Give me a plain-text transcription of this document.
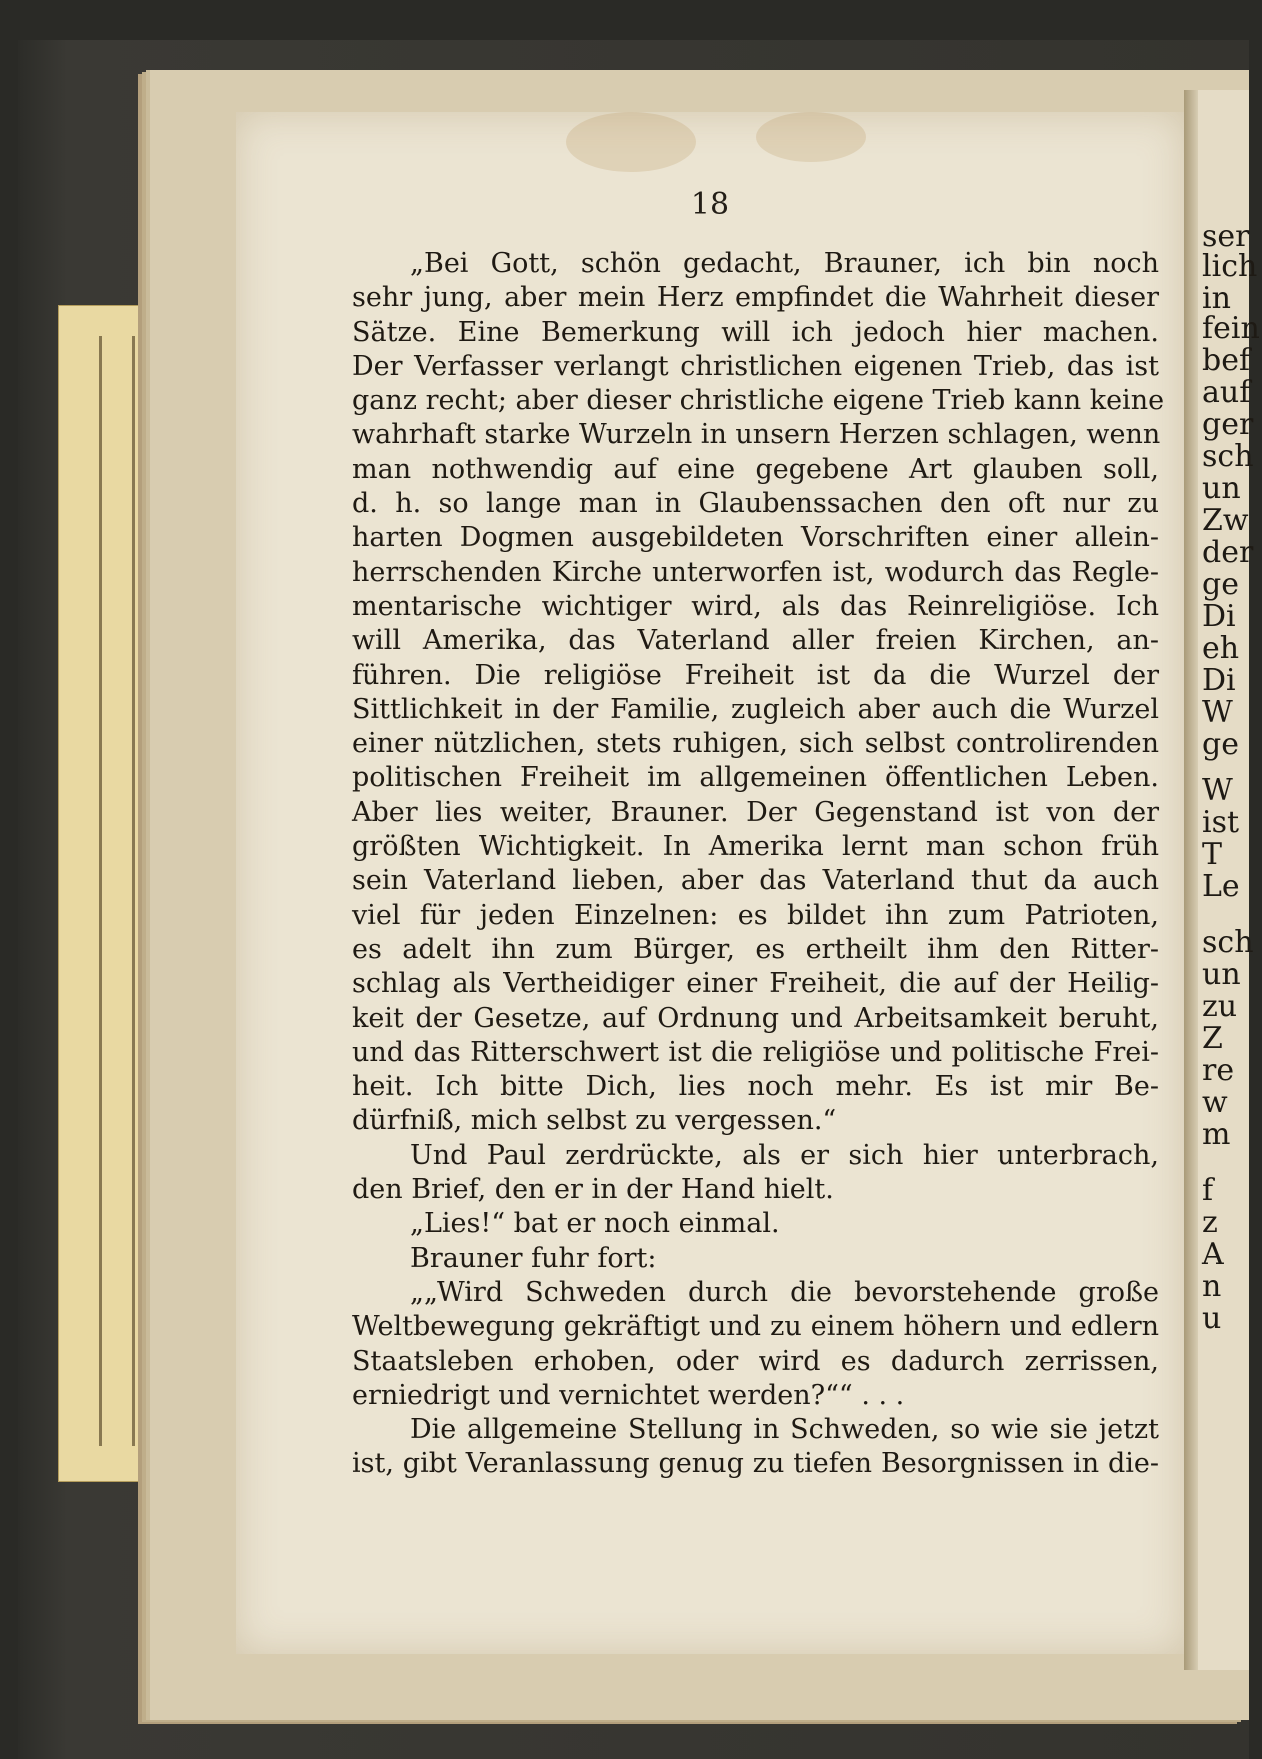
18
„Bei Gott, schön gedacht, Brauner, ich bin noch
sehr jung, aber mein Herz empfindet die Wahrheit dieser
Sätze. Eine Bemerkung will ich jedoch hier machen.
Der Verfasser verlangt christlichen eigenen Trieb, das ist
ganz recht; aber dieser christliche eigene Trieb kann keine
wahrhaft starke Wurzeln in unsern Herzen schlagen, wenn
man nothwendig auf eine gegebene Art glauben soll,
d. h. so lange man in Glaubenssachen den oft nur zu
harten Dogmen ausgebildeten Vorschriften einer allein-
herrschenden Kirche unterworfen ist, wodurch das Regle-
mentarische wichtiger wird, als das Reinreligiöse. Ich
will Amerika, das Vaterland aller freien Kirchen, an-
führen. Die religiöse Freiheit ist da die Wurzel der
Sittlichkeit in der Familie, zugleich aber auch die Wurzel
einer nützlichen, stets ruhigen, sich selbst controlirenden
politischen Freiheit im allgemeinen öffentlichen Leben.
Aber lies weiter, Brauner. Der Gegenstand ist von der
größten Wichtigkeit. In Amerika lernt man schon früh
sein Vaterland lieben, aber das Vaterland thut da auch
viel für jeden Einzelnen: es bildet ihn zum Patrioten,
es adelt ihn zum Bürger, es ertheilt ihm den Ritter-
schlag als Vertheidiger einer Freiheit, die auf der Heilig-
keit der Gesetze, auf Ordnung und Arbeitsamkeit beruht,
und das Ritterschwert ist die religiöse und politische Frei-
heit. Ich bitte Dich, lies noch mehr. Es ist mir Be-
dürfniß, mich selbst zu vergessen.“
Und Paul zerdrückte, als er sich hier unterbrach,
den Brief, den er in der Hand hielt.
„Lies!“ bat er noch einmal.
Brauner fuhr fort:
„„Wird Schweden durch die bevorstehende große
Weltbewegung gekräftigt und zu einem höhern und edlern
Staatsleben erhoben, oder wird es dadurch zerrissen,
erniedrigt und vernichtet werden?““ . . .
Die allgemeine Stellung in Schweden, so wie sie jetzt
ist, gibt Veranlassung genug zu tiefen Besorgnissen in die-
ser
lich
in
fein
bef
auf
ger
sch
un
Zw
der
ge
Di
eh
Di
W
ge
W
ist
T
Le
sch
un
zu
Z
re
w
m
f
z
A
n
u
